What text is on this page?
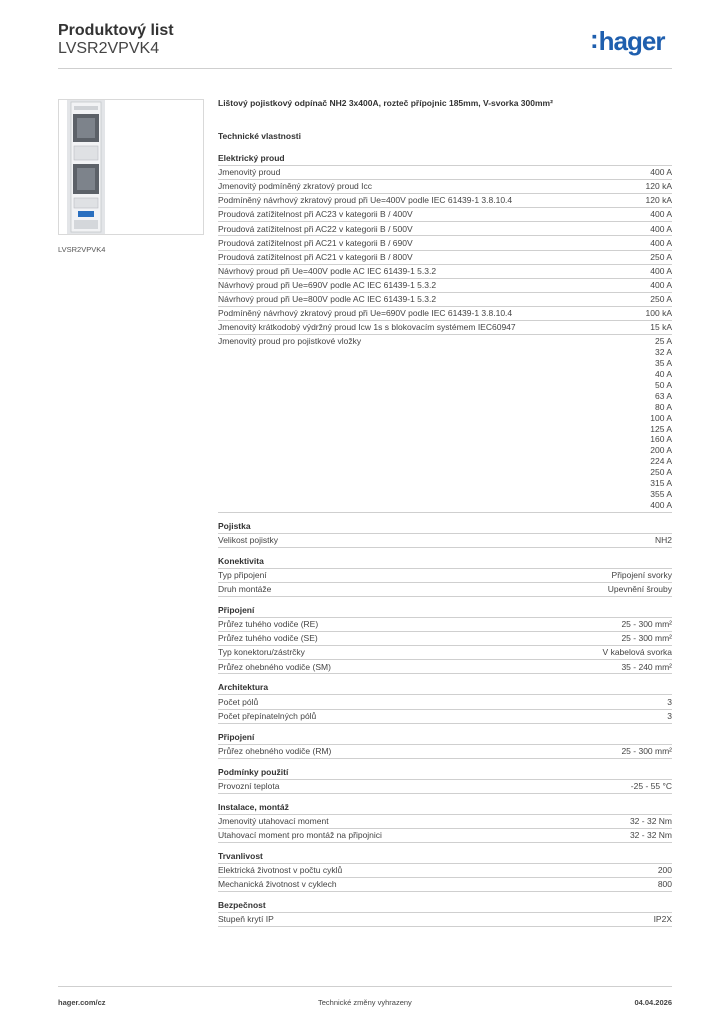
Produktový list
LVSR2VPVK4	:hager
LVSR2VPVK4
Lištový pojistkový odpínač NH2 3x400A, rozteč přípojnic 185mm, V-svorka 300mm²
Technické vlastnosti
Elektrický proud
Jmenovitý proud	400 A
Jmenovitý podmíněný zkratový proud Icc	120 kA
Podmíněný návrhový zkratový proud při Ue=400V podle IEC 61439-1 3.8.10.4	120 kA
Proudová zatížitelnost při AC23 v kategorii B / 400V	400 A
Proudová zatížitelnost při AC22 v kategorii B / 500V	400 A
Proudová zatížitelnost při AC21 v kategorii B / 690V	400 A
Proudová zatížitelnost při AC21 v kategorii B / 800V	250 A
Návrhový proud při Ue=400V podle AC IEC 61439-1 5.3.2	400 A
Návrhový proud při Ue=690V podle AC IEC 61439-1 5.3.2	400 A
Návrhový proud při Ue=800V podle AC IEC 61439-1 5.3.2	250 A
Podmíněný návrhový zkratový proud při Ue=690V podle IEC 61439-1 3.8.10.4	100 kA
Jmenovitý krátkodobý výdržný proud Icw 1s s blokovacím systémem IEC60947	15 kA
Jmenovitý proud pro pojistkové vložky	25 A
32 A
35 A
40 A
50 A
63 A
80 A
100 A
125 A
160 A
200 A
224 A
250 A
315 A
355 A
400 A
Pojistka
Velikost pojistky	NH2
Konektivita
Typ připojení	Připojení svorky
Druh montáže	Upevnění šrouby
Připojení
Průřez tuhého vodiče (RE)	25 - 300 mm²
Průřez tuhého vodiče (SE)	25 - 300 mm²
Typ konektoru/zástrčky	V kabelová svorka
Průřez ohebného vodiče (SM)	35 - 240 mm²
Architektura
Počet pólů	3
Počet přepínatelných pólů	3
Připojení
Průřez ohebného vodiče (RM)	25 - 300 mm²
Podmínky použití
Provozní teplota	-25 - 55 °C
Instalace, montáž
Jmenovitý utahovací moment	32 - 32 Nm
Utahovací moment pro montáž na připojnici	32 - 32 Nm
Trvanlivost
Elektrická životnost v počtu cyklů	200
Mechanická životnost v cyklech	800
Bezpečnost
Stupeň krytí IP	IP2X
hager.com/cz	Technické změny vyhrazeny	04.04.2026
